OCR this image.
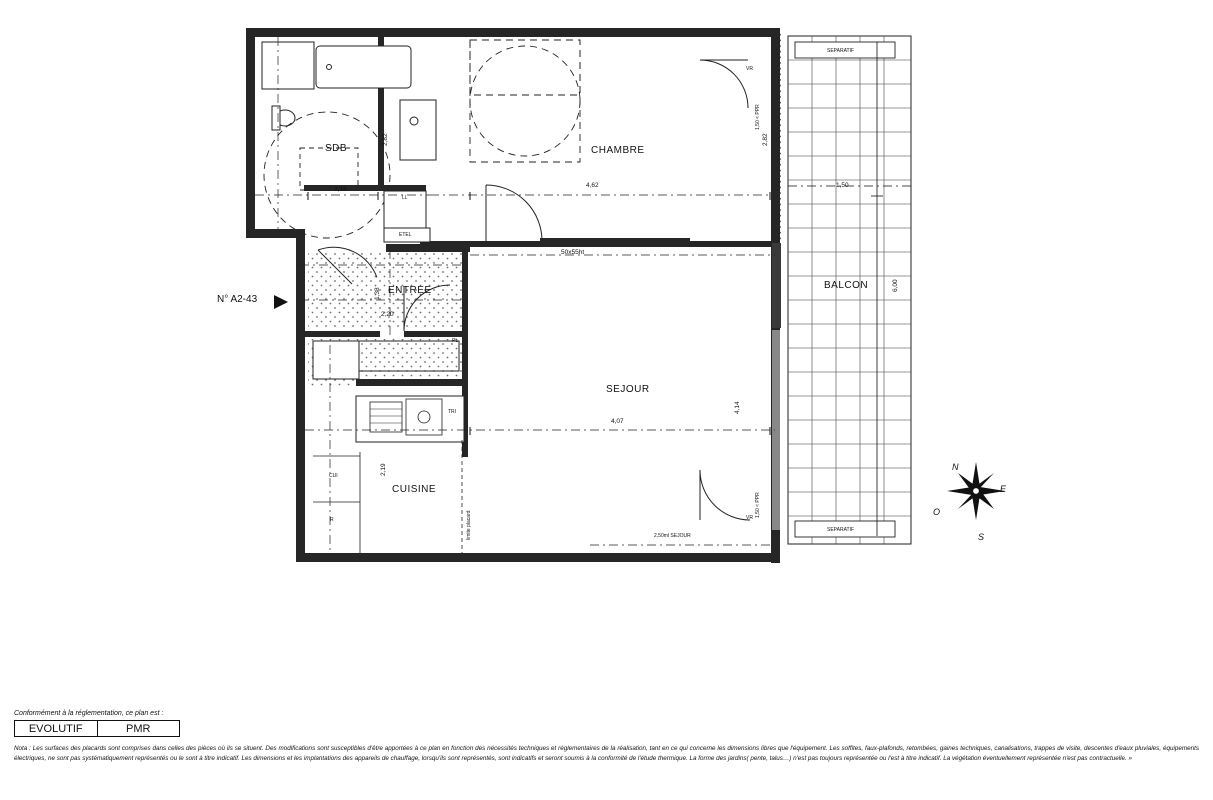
SDB	CHAMBRE
ENTREE
SEJOUR
CUISINE
BALCON
2,33
4,62	1,50
2,20
4,07
2,82	2,82
1,38
4,14
2,19
6,00
50x55ht
2,50ml SEJOUR
SEPARATIF
SEPARATIF
ETEL
LL
CUI
R
TRI
PL
VR
VR
1,50 < PPR
1,50 < PPR
limite placard
N° A2-43
N
E
S
O
Conformément à la réglementation, ce plan est :
EVOLUTIF	PMR
Nota : Les surfaces des placards sont comprises dans celles des pièces où ils se situent. Des modifications sont susceptibles d'être apportées à ce plan en fonction des nécessités techniques et réglementaires de la réalisation, tant en ce qui concerne les dimensions libres que l'équipement. Les soffites, faux-plafonds, retombées, gaines techniques, canalisations, trappes de visite, descentes d'eaux pluviales, équipements électriques, ne sont pas systématiquement représentés ou le sont à titre indicatif. Les dimensions et les implantations des appareils de chauffage, lorsqu'ils sont représentés, sont indicatifs et seront soumis à la conformité de l'étude thermique. La forme des jardins( pente, talus…) n'est pas toujours représentée ou l'est à titre indicatif. La végétation éventuellement représentée n'est pas contractuelle. »
